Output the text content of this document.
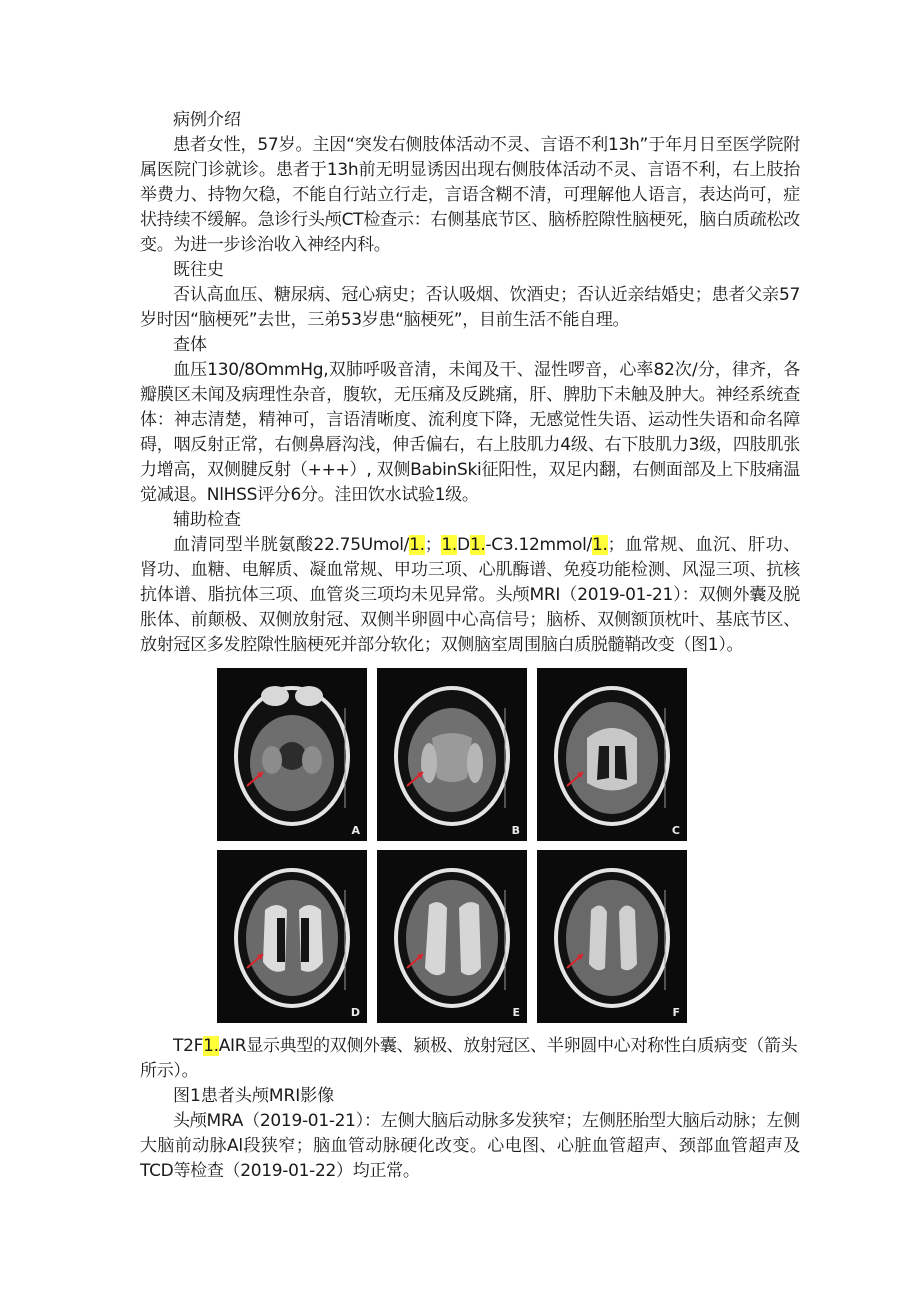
病例介绍

患者女性，57岁。主因“突发右侧肢体活动不灵、言语不利13h”于年月日至医学院附属医院门诊就诊。患者于13h前无明显诱因出现右侧肢体活动不灵、言语不利，右上肢抬举费力、持物欠稳，不能自行站立行走，言语含糊不清，可理解他人语言，表达尚可，症状持续不缓解。急诊行头颅CT检查示：右侧基底节区、脑桥腔隙性脑梗死，脑白质疏松改变。为进一步诊治收入神经内科。

既往史

否认高血压、糖尿病、冠心病史；否认吸烟、饮酒史；否认近亲结婚史；患者父亲57岁时因“脑梗死”去世，三弟53岁患“脑梗死”，目前生活不能自理。

查体

血压130/8OmmHg,双肺呼吸音清，未闻及干、湿性啰音，心率82次/分，律齐，各瓣膜区未闻及病理性杂音，腹软，无压痛及反跳痛，肝、脾肋下未触及肿大。神经系统查体：神志清楚，精神可，言语清晰度、流利度下降，无感觉性失语、运动性失语和命名障碍，咽反射正常，右侧鼻唇沟浅，伸舌偏右，右上肢肌力4级、右下肢肌力3级，四肢肌张力增高，双侧腱反射（+++）, 双侧BabinSki征阳性，双足内翻，右侧面部及上下肢痛温觉减退。NlHSS评分6分。洼田饮水试验1级。

辅助检查

血清同型半胱氨酸22.75Umol/1.；1.D1.-C3.12mmol/1.；血常规、血沉、肝功、肾功、血糖、电解质、凝血常规、甲功三项、心肌酶谱、免疫功能检测、风湿三项、抗核抗体谱、脂抗体三项、血管炎三项均未见异常。头颅MRI（2019-01-21）：双侧外囊及脱胀体、前颠极、双侧放射冠、双侧半卵圆中心高信号；脑桥、双侧额顶枕叶、基底节区、放射冠区多发腔隙性脑梗死并部分软化；双侧脑室周围脑白质脱髓鞘改变（图1）。

A	B	C
D	E	F

T2F1.AIR显示典型的双侧外囊、颍极、放射冠区、半卵圆中心对称性白质病变（箭头所示）。

图1患者头颅MRI影像

头颅MRA（2019-01-21）：左侧大脑后动脉多发狭窄；左侧胚胎型大脑后动脉；左侧大脑前动脉Al段狭窄；脑血管动脉硬化改变。心电图、心脏血管超声、颈部血管超声及TCD等检查（2019-01-22）均正常。
